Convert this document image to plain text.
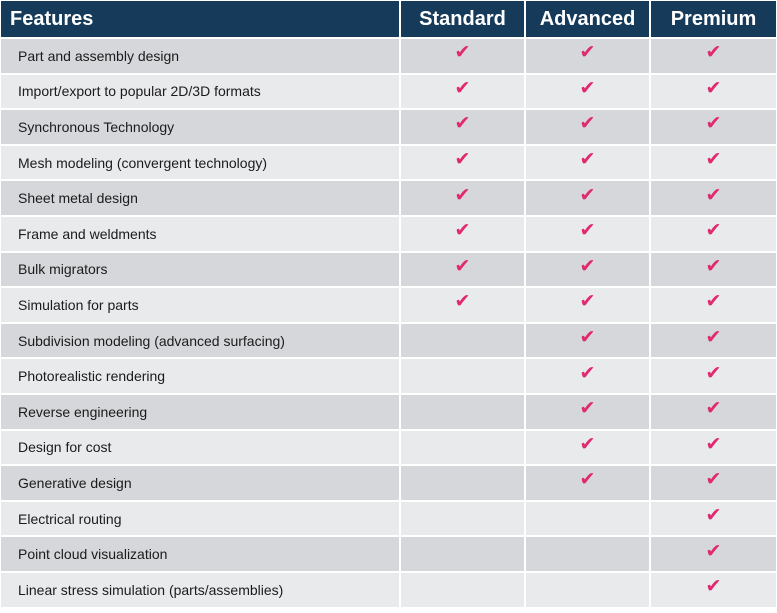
Features	Standard	Advanced	Premium
Part and assembly design	✔	✔	✔
Import/export to popular 2D/3D formats	✔	✔	✔
Synchronous Technology	✔	✔	✔
Mesh modeling (convergent technology)	✔	✔	✔
Sheet metal design	✔	✔	✔
Frame and weldments	✔	✔	✔
Bulk migrators	✔	✔	✔
Simulation for parts	✔	✔	✔
Subdivision modeling (advanced surfacing)		✔	✔
Photorealistic rendering		✔	✔
Reverse engineering		✔	✔
Design for cost		✔	✔
Generative design		✔	✔
Electrical routing			✔
Point cloud visualization			✔
Linear stress simulation (parts/assemblies)			✔
